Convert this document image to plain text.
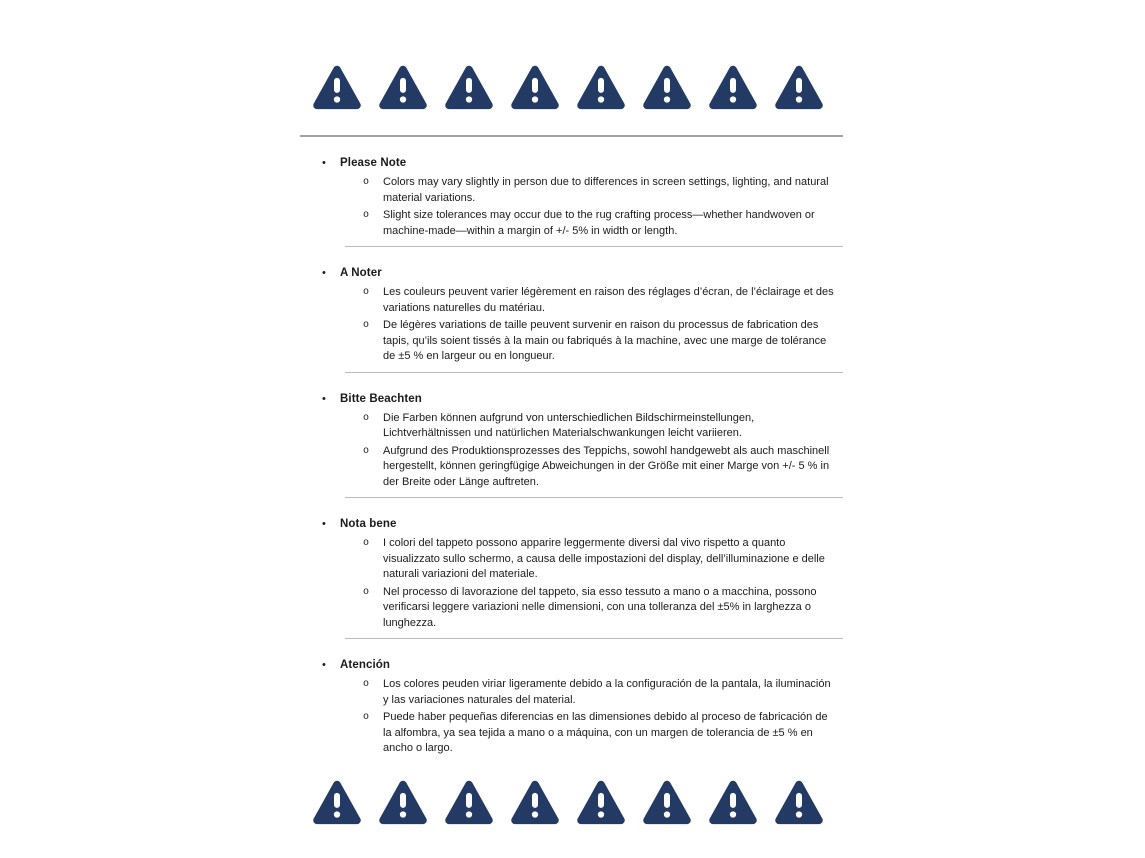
•	Please Note
o	Colors may vary slightly in person due to differences in screen settings, lighting, and natural material variations.

o	Slight size tolerances may occur due to the rug crafting process—whether handwoven or machine-made—within a margin of +/- 5% in width or length.

•	A Noter
o	Les couleurs peuvent varier légèrement en raison des réglages d’écran, de l’éclairage et des variations naturelles du matériau.

o	De légères variations de taille peuvent survenir en raison du processus de fabrication des tapis, qu’ils soient tissés à la main ou fabriqués à la machine, avec une marge de tolérance de ±5 % en largeur ou en longueur.

•	Bitte Beachten
o	Die Farben können aufgrund von unterschiedlichen Bildschirmeinstellungen, Lichtverhältnissen und natürlichen Materialschwankungen leicht variieren.

o	Aufgrund des Produktionsprozesses des Teppichs, sowohl handgewebt als auch maschinell hergestellt, können geringfügige Abweichungen in der Größe mit einer Marge von +/- 5 % in der Breite oder Länge auftreten.

•	Nota bene
o	I colori del tappeto possono apparire leggermente diversi dal vivo rispetto a quanto visualizzato sullo schermo, a causa delle impostazioni del display, dell’illuminazione e delle naturali variazioni del materiale.

o	Nel processo di lavorazione del tappeto, sia esso tessuto a mano o a macchina, possono verificarsi leggere variazioni nelle dimensioni, con una tolleranza del ±5% in larghezza o lunghezza.

•	Atención
o	Los colores peuden viriar ligeramente debido a la configuración de la pantala, la iluminación y las variaciones naturales del material.

o	Puede haber pequeñas diferencias en las dimensiones debido al proceso de fabricación de la alfombra, ya sea tejida a mano o a máquina, con un margen de tolerancia de ±5 % en ancho o largo.
